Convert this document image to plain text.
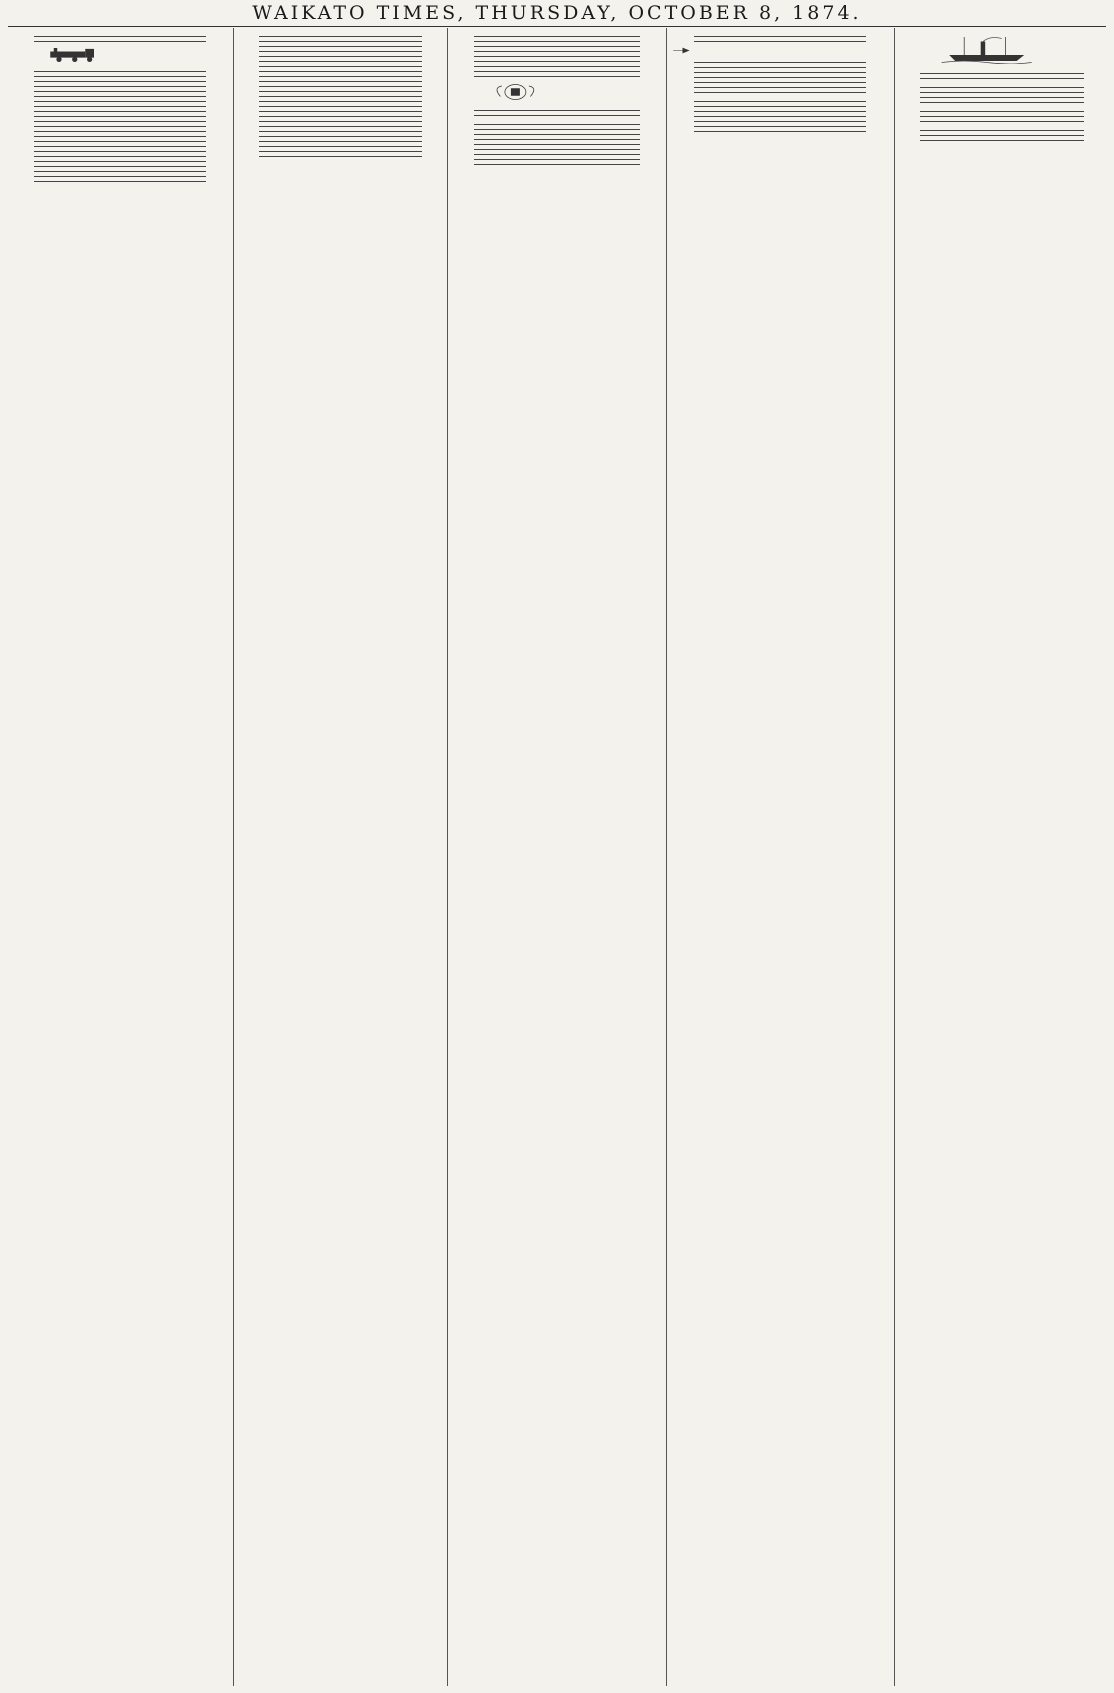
WAIKATO TIMES, THURSDAY, OCTOBER 8, 1874.
